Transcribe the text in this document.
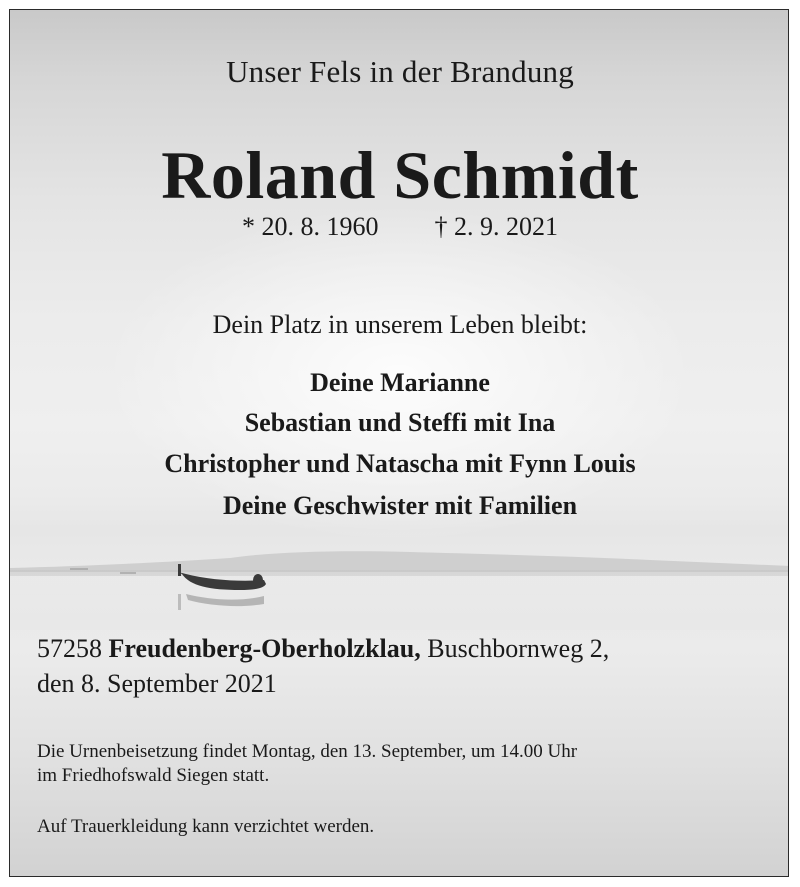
Unser Fels in der Brandung
Roland Schmidt
* 20. 8. 1960 † 2. 9. 2021
Dein Platz in unserem Leben bleibt:
Deine Marianne
Sebastian und Steffi mit Ina
Christopher und Natascha mit Fynn Louis
Deine Geschwister mit Familien
57258 Freudenberg-Oberholzklau, Buschbornweg 2,
den 8. September 2021
Die Urnenbeisetzung findet Montag, den 13. September, um 14.00 Uhr
im Friedhofswald Siegen statt.
Auf Trauerkleidung kann verzichtet werden.
